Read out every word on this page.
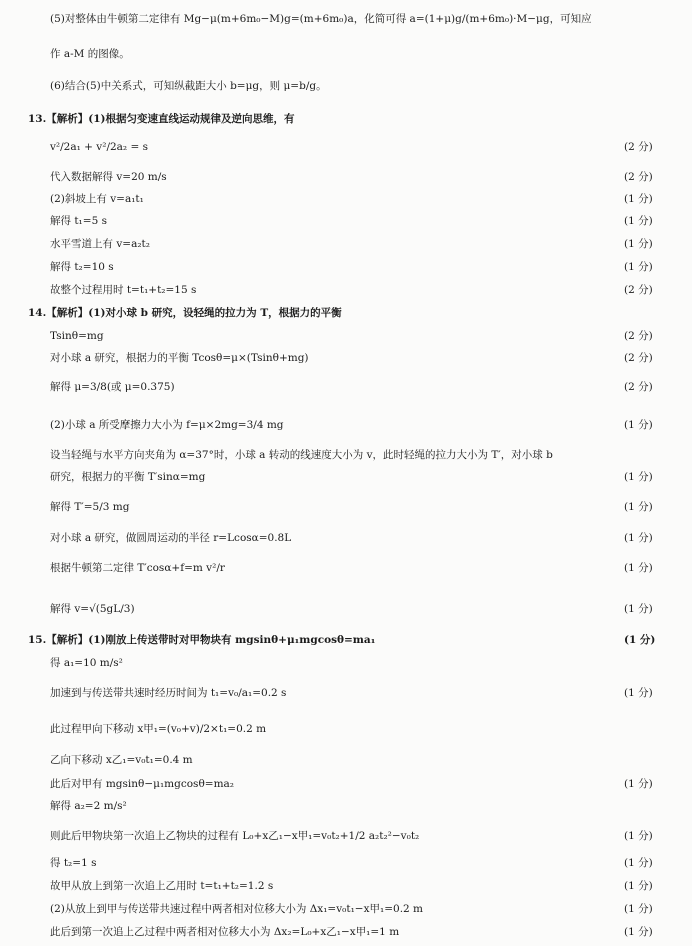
(5)对整体由牛顿第二定律有 Mg−μ(m+6m₀−M)g=(m+6m₀)a，化简可得 a=(1+μ)g/(m+6m₀)·M−μg，可知应
作 a-M 的图像。
(6)结合(5)中关系式，可知纵截距大小 b=μg，则 μ=b/g。
13.【解析】(1)根据匀变速直线运动规律及逆向思维，有
v²/2a₁ + v²/2a₂ = s	(2 分)
代入数据解得 v=20 m/s	(2 分)
(2)斜坡上有 v=a₁t₁	(1 分)
解得 t₁=5 s	(1 分)
水平雪道上有 v=a₂t₂	(1 分)
解得 t₂=10 s	(1 分)
故整个过程用时 t=t₁+t₂=15 s	(2 分)
14.【解析】(1)对小球 b 研究，设轻绳的拉力为 T，根据力的平衡
Tsinθ=mg	(2 分)
对小球 a 研究，根据力的平衡 Tcosθ=μ×(Tsinθ+mg)	(2 分)
解得 μ=3/8(或 μ=0.375)	(2 分)
(2)小球 a 所受摩擦力大小为 f=μ×2mg=3/4 mg	(1 分)
设当轻绳与水平方向夹角为 α=37°时，小球 a 转动的线速度大小为 v，此时轻绳的拉力大小为 T′，对小球 b
研究，根据力的平衡 T′sinα=mg	(1 分)
解得 T′=5/3 mg	(1 分)
对小球 a 研究，做圆周运动的半径 r=Lcosα=0.8L	(1 分)
根据牛顿第二定律 T′cosα+f=m v²/r	(1 分)
解得 v=√(5gL/3)	(1 分)
15.【解析】(1)刚放上传送带时对甲物块有 mgsinθ+μ₁mgcosθ=ma₁	(1 分)
得 a₁=10 m/s²
加速到与传送带共速时经历时间为 t₁=v₀/a₁=0.2 s	(1 分)
此过程甲向下移动 x甲₁=(v₀+v)/2×t₁=0.2 m
乙向下移动 x乙₁=v₀t₁=0.4 m
此后对甲有 mgsinθ−μ₁mgcosθ=ma₂	(1 分)
解得 a₂=2 m/s²
则此后甲物块第一次追上乙物块的过程有 L₀+x乙₁−x甲₁=v₀t₂+1/2 a₂t₂²−v₀t₂	(1 分)
得 t₂=1 s	(1 分)
故甲从放上到第一次追上乙用时 t=t₁+t₂=1.2 s	(1 分)
(2)从放上到甲与传送带共速过程中两者相对位移大小为 Δx₁=v₀t₁−x甲₁=0.2 m	(1 分)
此后到第一次追上乙过程中两者相对位移大小为 Δx₂=L₀+x乙₁−x甲₁=1 m	(1 分)
